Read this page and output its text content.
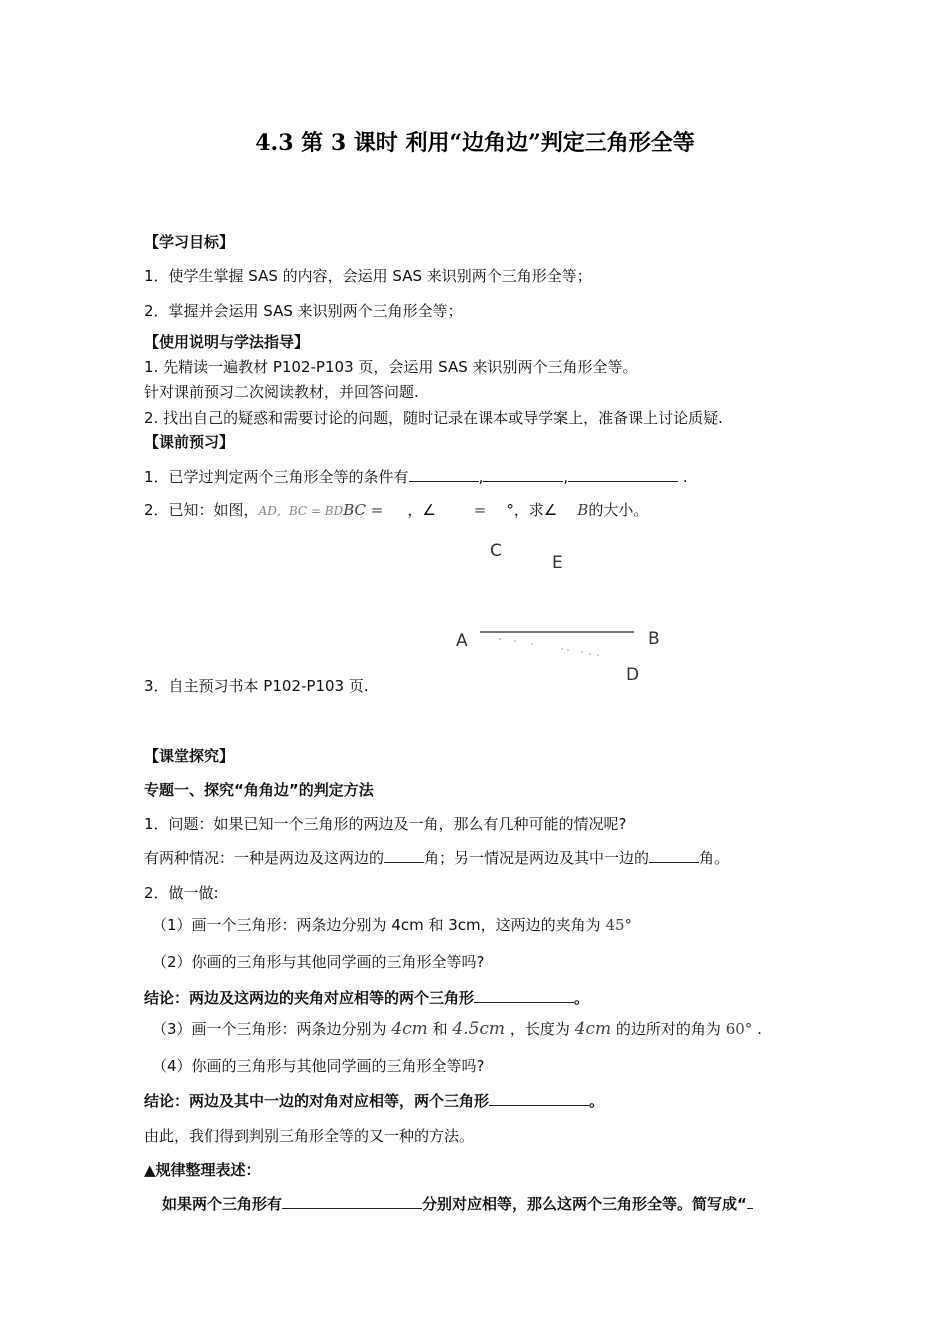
4.3 第 3 课时 利用“边角边”判定三角形全等
【学习目标】
1．使学生掌握 SAS 的内容，会运用 SAS 来识别两个三角形全等；
2．掌握并会运用 SAS 来识别两个三角形全等；
【使用说明与学法指导】
1. 先精读一遍教材 P102-P103 页，会运用 SAS 来识别两个三角形全等。
针对课前预习二次阅读教材，并回答问题.
2. 找出自己的疑惑和需要讨论的问题，随时记录在课本或导学案上，准备课上讨论质疑.
【课前预习】
1．已学过判定两个三角形全等的条件有	,	,	.
2．已知：如图，AD，BC = BDBC = ，∠	= °，求∠ B的大小。
C
E
A	B
D
3．自主预习书本 P102-P103 页.
【课堂探究】
专题一、探究“角角边”的判定方法
1．问题：如果已知一个三角形的两边及一角，那么有几种可能的情况呢?
有两种情况：一种是两边及这两边的	角；另一情况是两边及其中一边的	角。
2．做一做:
（1）画一个三角形：两条边分别为 4cm 和 3cm，这两边的夹角为 45°
（2）你画的三角形与其他同学画的三角形全等吗?
结论：两边及这两边的夹角对应相等的两个三角形	。
（3）画一个三角形：两条边分别为 4cm 和 4.5cm ，长度为 4cm 的边所对的角为 60° .
（4）你画的三角形与其他同学画的三角形全等吗?
结论：两边及其中一边的对角对应相等，两个三角形	。
由此，我们得到判别三角形全等的又一种的方法。
▲规律整理表述：
如果两个三角形有	分别对应相等，那么这两个三角形全等。简写成“
